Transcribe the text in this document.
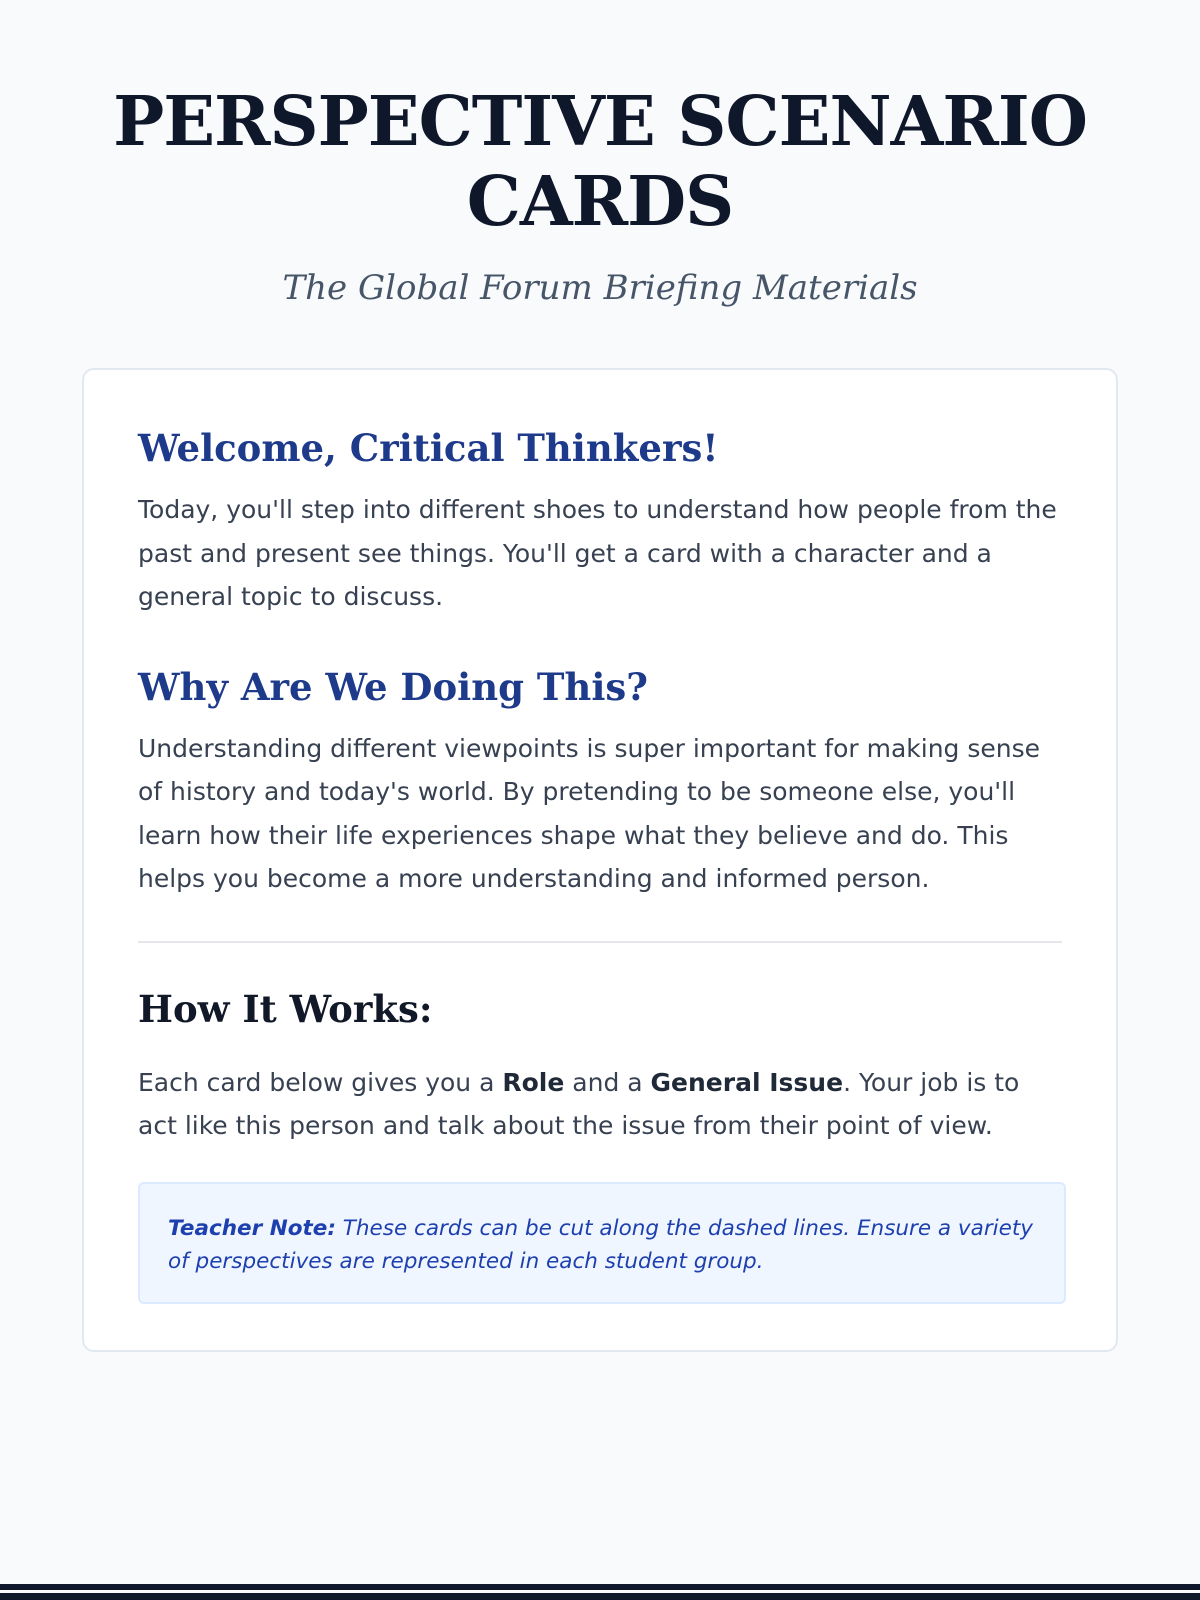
PERSPECTIVE SCENARIO CARDS
The Global Forum Briefing Materials
Welcome, Critical Thinkers!

Today, you'll step into different shoes to understand how people from the past and present see things. You'll get a card with a character and a general topic to discuss.

Why Are We Doing This?

Understanding different viewpoints is super important for making sense of history and today's world. By pretending to be someone else, you'll learn how their life experiences shape what they believe and do. This helps you become a more understanding and informed person.

How It Works:

Each card below gives you a Role and a General Issue. Your job is to act like this person and talk about the issue from their point of view.

Teacher Note: These cards can be cut along the dashed lines. Ensure a variety of perspectives are represented in each student group.
